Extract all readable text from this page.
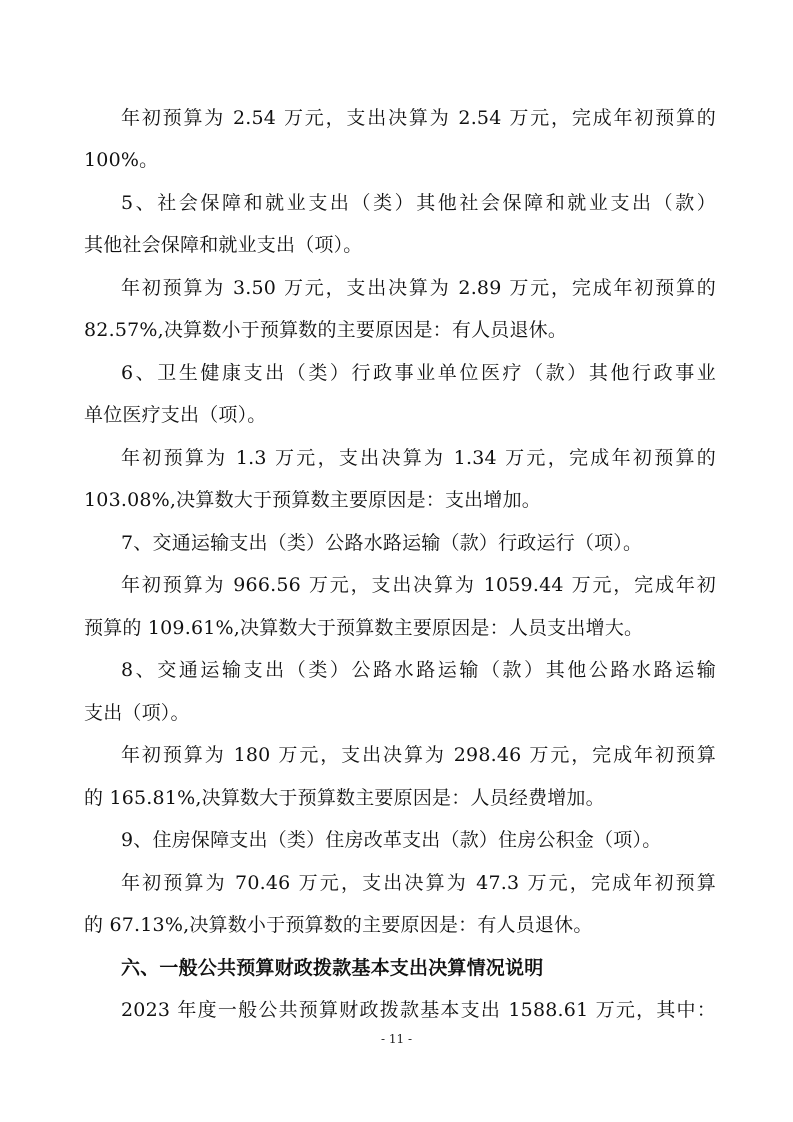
年初预算为 2.54 万元，支出决算为 2.54 万元，完成年初预算的
100%。
5、社会保障和就业支出（类）其他社会保障和就业支出（款）
其他社会保障和就业支出（项）。
年初预算为 3.50 万元，支出决算为 2.89 万元，完成年初预算的
82.57%,决算数小于预算数的主要原因是：有人员退休。
6、卫生健康支出（类）行政事业单位医疗（款）其他行政事业
单位医疗支出（项）。
年初预算为 1.3 万元，支出决算为 1.34 万元，完成年初预算的
103.08%,决算数大于预算数主要原因是：支出增加。
7、交通运输支出（类）公路水路运输（款）行政运行（项）。
年初预算为 966.56 万元，支出决算为 1059.44 万元，完成年初
预算的 109.61%,决算数大于预算数主要原因是：人员支出增大。
8、交通运输支出（类）公路水路运输（款）其他公路水路运输
支出（项）。
年初预算为 180 万元，支出决算为 298.46 万元，完成年初预算
的 165.81%,决算数大于预算数主要原因是：人员经费增加。
9、住房保障支出（类）住房改革支出（款）住房公积金（项）。
年初预算为 70.46 万元，支出决算为 47.3 万元，完成年初预算
的 67.13%,决算数小于预算数的主要原因是：有人员退休。
六、一般公共预算财政拨款基本支出决算情况说明
2023 年度一般公共预算财政拨款基本支出 1588.61 万元，其中：
- 11 -
